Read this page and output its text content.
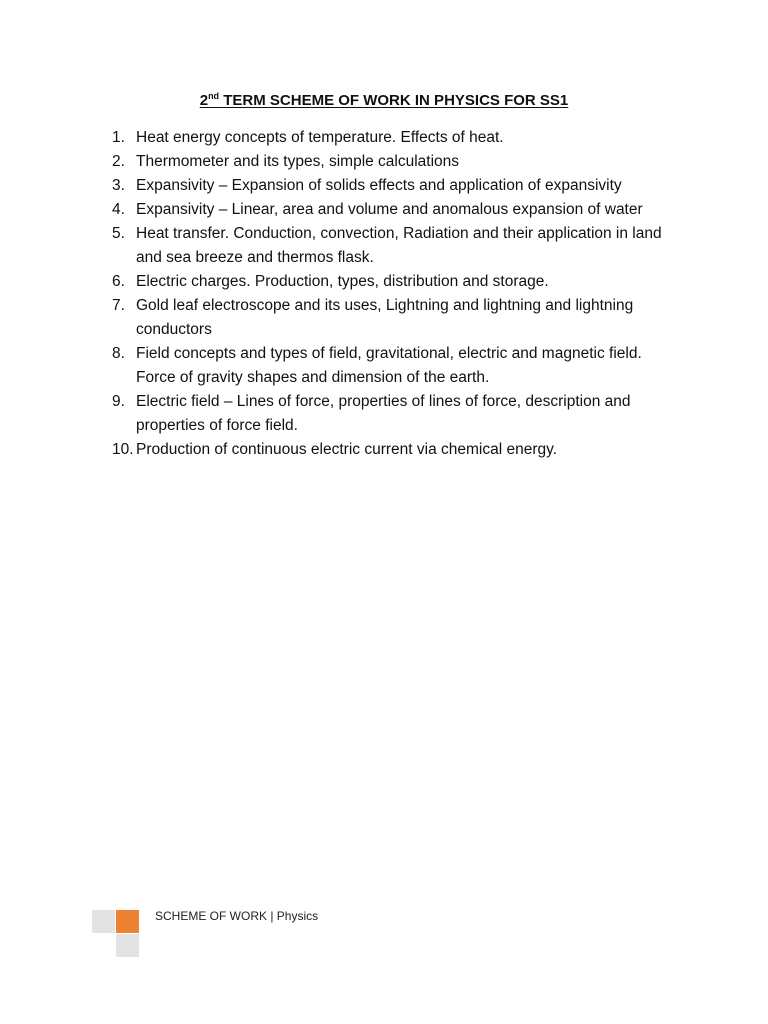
2nd TERM SCHEME OF WORK IN PHYSICS FOR SS1
1. Heat energy concepts of temperature. Effects of heat.
2. Thermometer and its types, simple calculations
3. Expansivity – Expansion of solids effects and application of expansivity
4. Expansivity – Linear, area and volume and anomalous expansion of water
5. Heat transfer. Conduction, convection, Radiation and their application in land and sea breeze and thermos flask.
6. Electric charges. Production, types, distribution and storage.
7. Gold leaf electroscope and its uses, Lightning and lightning and lightning conductors
8. Field concepts and types of field, gravitational, electric and magnetic field. Force of gravity shapes and dimension of the earth.
9. Electric field – Lines of force, properties of lines of force, description and properties of force field.
10. Production of continuous electric current via chemical energy.
SCHEME OF WORK | Physics
